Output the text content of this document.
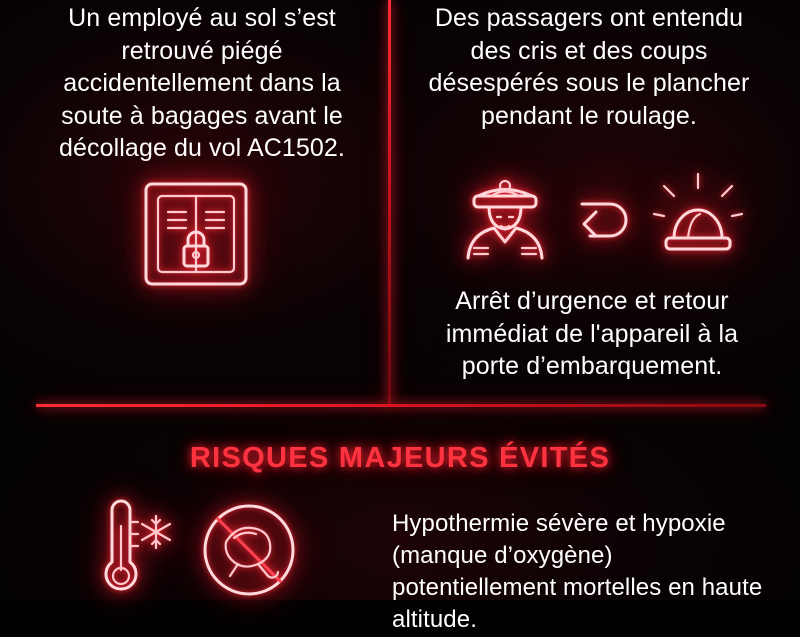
Un employé au sol s’est retrouvé piégé accidentellement dans la soute à bagages avant le décollage du vol AC1502.
Des passagers ont entendu des cris et des coups désespérés sous le plancher pendant le roulage.
Arrêt d’urgence et retour immédiat de l'appareil à la porte d’embarquement.
RISQUES MAJEURS ÉVITÉS
Hypothermie sévère et hypoxie (manque d’oxygène) potentiellement mortelles en haute altitude.
